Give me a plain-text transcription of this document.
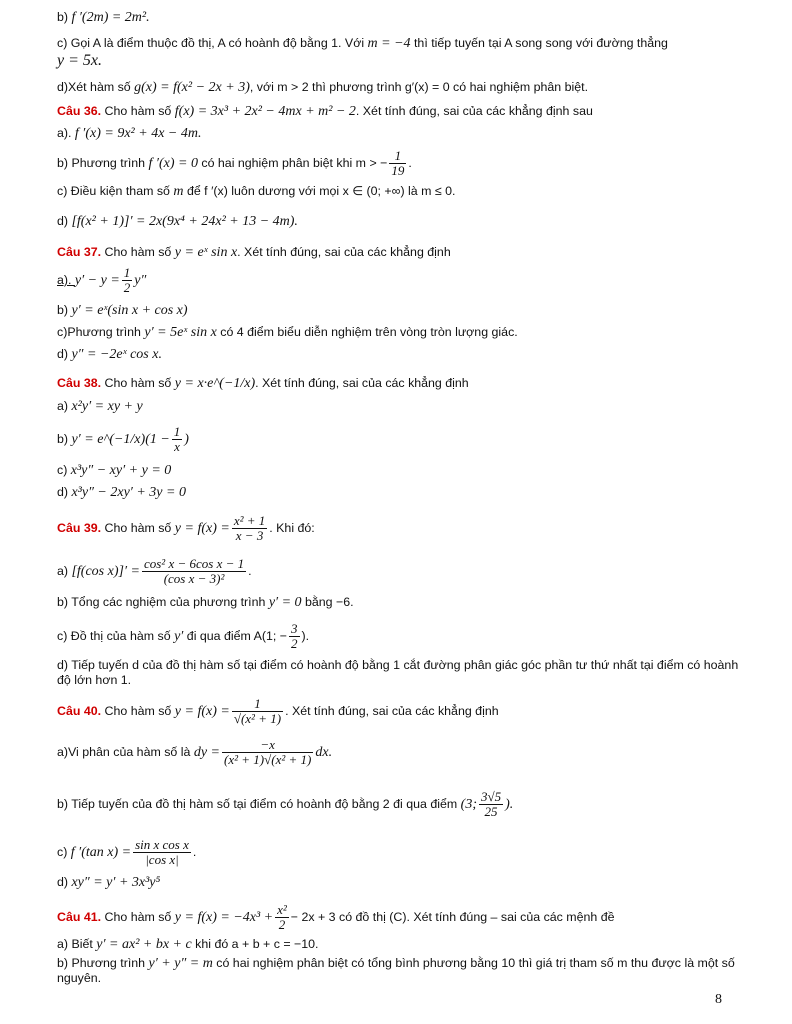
b) f ′(2m) = 2m².
c) Gọi A là điểm thuộc đồ thị, A có hoành độ bằng 1. Với m = −4 thì tiếp tuyến tại A song song với đường thẳng
y = 5x.
d)Xét hàm số g(x) = f(x² − 2x + 3), với m > 2 thì phương trình g′(x) = 0 có hai nghiệm phân biệt.
Câu 36. Cho hàm số f(x) = 3x³ + 2x² − 4mx + m² − 2. Xét tính đúng, sai của các khẳng định sau
a). f ′(x) = 9x² + 4x − 4m.
b) Phương trình f ′(x) = 0 có hai nghiệm phân biệt khi m > − $\frac{1}{19}$ .
c) Điều kiện tham số m để f ′(x) luôn dương với mọi x ∈ (0; +∞) là m ≤ 0.
d) [f(x² + 1)]′ = 2x(9x⁴ + 24x² + 13 − 4m).
Câu 37. Cho hàm số y = eˣ sin x. Xét tính đúng, sai của các khẳng định
a). $y' - y = \frac{1}{2} y''$
b) y′ = eˣ(sin x + cos x)
c)Phương trình y′ = 5eˣ sin x có 4 điểm biểu diễn nghiệm trên vòng tròn lượng giác.
d) y″ = −2eˣ cos x.
Câu 38. Cho hàm số y = x·e^(−1/x). Xét tính đúng, sai của các khẳng định
a) x²y′ = xy + y
b) y′ = e^(−1/x)(1 − $\frac{1}{x}$ )
c) x³y″ − xy′ + y = 0
d) x³y″ − 2xy′ + 3y = 0
Câu 39. Cho hàm số $y = f(x) = \frac{\text{x² + 1}}{x - 3}$ . Khi đó:
a) [f(cos $x)]' = \frac{\text{cos² x − 6cos x − 1}}{\text{(cos x − 3)²}}$ .
b) Tổng các nghiệm của phương trình y′ = 0 bằng −6.
c) Đồ thị của hàm số y′ đi qua điểm A(1; − $\frac{3}{2}$ ).
d) Tiếp tuyến d của đồ thị hàm số tại điểm có hoành độ bằng 1 cắt đường phân giác góc phần tư thứ nhất tại điểm có hoành độ lớn hơn 1.
Câu 40. Cho hàm số $y = f(x) = \frac{1}{\text{√(x² + 1)}}$ . Xét tính đúng, sai của các khẳng định
a)Vi phân của hàm số là dy = $\frac{-x}{\text{(x² + 1)√(x² + 1)}}$ dx.
b) Tiếp tuyến của đồ thị hàm số tại điểm có hoành độ bằng 2 đi qua điểm (3; $\frac{3√5}{25}$ ).
c) f ′(tan $x) = \frac{\text{sin x cos x}}{\text{|cos x|}}$ .
d) xy″ = y′ + 3x³y⁵
Câu 41. Cho hàm số $y = f(x) = -4x^3 + \frac{\text{x²}}{2} - 2x + 3$ có đồ thị (C). Xét tính đúng – sai của các mệnh đề
a) Biết y′ = ax² + bx + c khi đó a + b + c = −10.
b) Phương trình y′ + y″ = m có hai nghiệm phân biệt có tổng bình phương bằng 10 thì giá trị tham số m thu được là một số nguyên.
8
